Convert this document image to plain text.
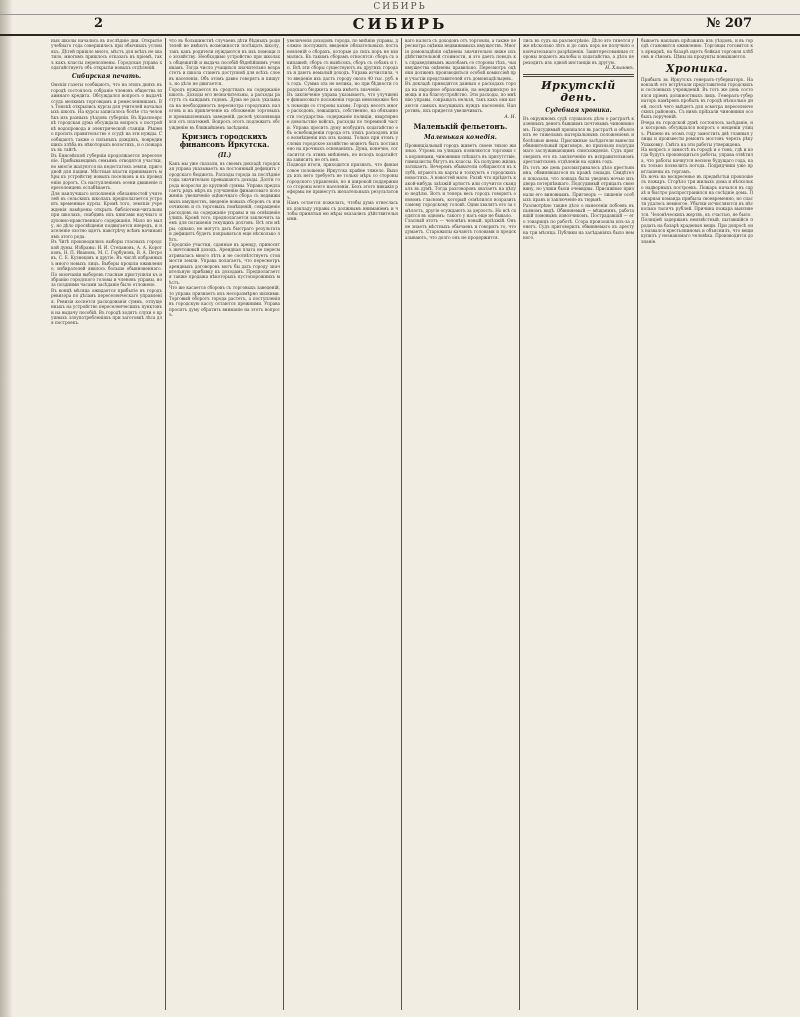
СИБИРЬ
2	СИБИРЬ	№ 207
ныя школы начались въ послѣдніе дни. Открытіе учебнаго года совершилось при обычныхъ условіяхъ. Дѣтей пришло много, мѣстъ для всѣхъ не хватило, многимъ пришлось отказать въ пріемѣ, такъ какъ классы переполнены. Городская управа ходатайствуетъ объ открытіи новыхъ отдѣленій.
Сибирская печать.
Омскія газеты сообщаютъ, что на этихъ дняхъ въ городѣ состоялось собраніе членовъ общества взаимнаго кредита. Обсуждался вопросъ о выдачѣ ссудъ мелкимъ торговцамъ и ремесленникамъ. Въ Томскѣ открылись курсы для учителей начальныхъ школъ. На курсы записалось болѣе ста человѣкъ изъ разныхъ уѣздовъ губерніи. Въ Красноярскѣ городская дума обсуждала вопросъ о постройкѣ водопровода и электрической станціи. Рѣшено просить правительство о ссудѣ на эти нужды. Сообщаютъ также о сильныхъ дождяхъ, повредившихъ хлѣба въ нѣкоторыхъ волостяхъ, и о пожарахъ въ тайгѣ.
Въ Енисейской губерніи продолжается переселеніе. Прибывающимъ семьямъ отводятся участки, но многіе жалуются на недостатокъ земли, пригодной для пашни. Мѣстныя власти принимаютъ мѣры къ устройству новыхъ поселковъ и къ проведенію дорогъ. Съ наступленіемъ осени движеніе переселенцевъ ослабѣваетъ.
Для наилучшаго исполненія обязанностей учителей въ сельскихъ школахъ предполагается устроить временные курсы. Кромѣ того, земскія учрежденія намѣрены открыть библіотеки-читальни при школахъ, снабдивъ ихъ книгами научнаго и духовно-нравственнаго содержанія. Мало по малу, но дѣло просвѣщенія подвигается впередъ, и населеніе охотно идетъ навстрѣчу всѣмъ начинаніямъ этого рода.
Въ Читѣ производились выборы гласныхъ городской думы. Избраны: И. И. Степановъ, А. А. Коротковъ, Н. П. Ивановъ, М. С. Горбуновъ, В. А. Петровъ, С. Е. Кузнецовъ и другіе. Въ числѣ избранныхъ много новыхъ лицъ. Выборы прошли оживленно, избирателей явилось больше обыкновеннаго. По окончаніи выборовъ гласные приступили къ избранію городского головы и членовъ управы, но за поздними часами засѣданіе было отложено.
Въ концѣ мѣсяца ожидается прибытіе въ городъ ревизора по дѣламъ переселенческаго управленія. Ревизія коснется расходованія суммъ, отпущенныхъ на устройство переселенческихъ пунктовъ и на выдачу пособій. Въ городѣ ходятъ слухи о крупныхъ злоупотребленіяхъ при заготовкѣ лѣса для построекъ.
что въ большинствѣ случаевъ дѣти бѣдныхъ родителей не имѣютъ возможности посѣщать школу, такъ какъ родители нуждаются въ ихъ помощи по хозяйству. Необходимо устройство при школахъ общежитій и выдача пособій бѣднѣйшимъ ученикамъ. Тогда число учащихся значительно возрастетъ и школа станетъ доступной для всѣхъ слоевъ населенія. Объ этомъ давно говорятъ и пишутъ, но дѣло не двигается.
Городъ нуждается въ средствахъ на содержаніе школъ. Доходы его незначительны, а расходы растутъ съ каждымъ годомъ. Дума не разъ указывала на необходимость пересмотра городскихъ налоговъ и на привлеченіе къ обложенію торговыхъ и промышленныхъ заведеній, доселѣ уклоняющихся отъ платежей. Вопросъ этотъ подлежитъ обсужденію въ ближайшемъ засѣданіи.
Кризисъ городскихъ финансовъ Иркутска.
(II.)
Какъ мы уже сказали, въ своемъ докладѣ городская управа указываетъ на постоянный дефицитъ городскаго бюджета. Расходы города за послѣдніе годы значительно превышаютъ доходы. Долги города возросли до крупной суммы. Управа предлагаетъ рядъ мѣръ къ улучшенію финансоваго положенія: увеличеніе оцѣночнаго сбора съ недвижимыхъ имуществъ, введеніе новыхъ сборовъ съ извозчиковъ и съ торговыхъ помѣщеній, сокращеніе расходовъ на содержаніе управы и на освѣщеніе улицъ. Кромѣ того, предполагается заключить заемъ для погашенія текущихъ долговъ. Всѣ эти мѣры, однако, не могутъ дать быстраго результата и дефицитъ будетъ покрываться еще нѣсколько лѣтъ.
Городскіе участки, сданные въ аренду, приносятъ ничтожный доходъ. Арендная плата не пересматривалась много лѣтъ и не соотвѣтствуетъ стоимости земли. Управа полагаетъ, что пересмотръ арендныхъ договоровъ могъ бы дать городу значительную прибавку къ доходамъ. Предполагается также продажа нѣкоторыхъ пустопорожнихъ мѣстъ.
Что же касается сборовъ съ торговыхъ заведеній, то управа признаетъ ихъ несоразмѣрно низкими. Торговый оборотъ города растетъ, а поступленія въ городскую кассу остаются прежними. Управа проситъ думу обратить вниманіе на этотъ вопросъ.
увеличенія доходовъ города, по мнѣнію управы, должно послужить введеніе обязательныхъ постановленій о сборахъ, которые до сихъ поръ не взимались. Къ такимъ сборамъ относятся: сборъ съ экипажей, сборъ съ вывѣсокъ, сборъ съ собакъ и т. п. Всѣ эти сборы существуютъ въ другихъ городахъ и даютъ немалый доходъ. Управа исчислила, что введеніе ихъ дастъ городу около 40 тыс. руб. въ годъ. Сумма эта не велика, но при бѣдности городскаго бюджета и она имѣетъ значеніе.
Въ заключеніе управа указываетъ, что улучшеніе финансоваго положенія города невозможно безъ помощи со стороны казны. Городъ несетъ много расходовъ, лежащихъ, собственно, на обязанности государства: содержаніе полиціи, квартирное довольствіе войскъ, расходы по тюремной части. Управа проситъ думу возбудить ходатайство объ освобожденіи города отъ этихъ расходовъ или о возмѣщеніи ихъ изъ казны. Только при этомъ условіи городское хозяйство можетъ быть поставлено на прочныхъ основаніяхъ. Дума, конечно, согласится съ этимъ мнѣніемъ, но исходъ ходатайства зависитъ не отъ нея.
Подводя итоги, приходится признать, что финансовое положеніе Иркутска крайне тяжело. Выходъ изъ него требуетъ не только мѣръ со стороны городского управленія, но и широкой поддержки со стороны всего населенія. Безъ этого никакія реформы не принесутъ желательныхъ результатовъ.
Намъ остается пожелать, чтобы дума отнеслась къ докладу управы съ должнымъ вниманіемъ и чтобы принятыя ею мѣры оказались дѣйствительными.
ваго налога съ доходовъ отъ торговли, а также пересмотра оцѣнки недвижимыхъ имуществъ. Многія домовладѣнія оцѣнены значительно ниже ихъ дѣйствительной стоимости, и это даетъ поводъ къ справедливымъ жалобамъ со стороны тѣхъ, чьи имущества оцѣнены правильно. Пересмотръ оцѣнки долженъ производиться особой комиссіей при участіи представителей отъ домовладѣльцевъ.
Въ докладѣ приводятся данныя о расходахъ города на народное образованіе, на медицинскую помощь и на благоустройство. Эти расходы, по мнѣнію управы, сокращать нельзя, такъ какъ они касаются самыхъ насущныхъ нуждъ населенія. Напротивъ, ихъ придется увеличивать.
А. Н.
Маленькій фельетонъ.
Маленькая комедія.
Провинціальный городъ живетъ своею тихою жизнью. Утромъ на улицахъ появляются торговки съ корзинами, чиновники спѣшатъ въ присутствіе, гимназисты бѣгутъ въ классы. Къ полудню жизнь затихаетъ. Вечеромъ обыватели собираются въ клубѣ, играютъ въ карты и толкуютъ о городскихъ новостяхъ. А новостей мало. Развѣ что пріѣдетъ какой-нибудь заѣзжій артистъ или случится скандалъ въ думѣ. Тогда разговоровъ хватаетъ на цѣлую недѣлю. Вотъ и теперь весь городъ говоритъ о новомъ гласномъ, который осмѣлился возразить самому городскому головѣ. Одни хвалятъ его за смѣлость, другіе осуждаютъ за дерзость. Но всѣ сходятся въ одномъ: такого у насъ еще не бывало.
Гласный этотъ — человѣкъ новый, пріѣзжій. Онъ не знаетъ мѣстныхъ обычаевъ и говоритъ то, что думаетъ. Старожилы качаютъ головами и предсказываютъ, что долго онъ не продержится.
лись въ судъ на разсмотрѣніе. Дѣло это тянется уже нѣсколько лѣтъ и до сихъ поръ не получило окончательнаго разрѣшенія. Заинтересованныя стороны подаютъ жалобы и ходатайства, а дѣло переходитъ изъ одной инстанціи въ другую.
Н. Хлызовъ.
Иркутскій день.
Судебная хроника.
Въ окружномъ судѣ слушалось дѣло о растратѣ казенныхъ денегъ бывшимъ почтовымъ чиновникомъ. Подсудимый признался въ растратѣ и объяснилъ ее тяжелымъ матеріальнымъ положеніемъ и болѣзнью жены. Присяжные засѣдатели вынесли обвинительный приговоръ, но признали подсудимаго заслуживающимъ снисхожденія. Судъ приговорилъ его къ заключенію въ исправительномъ арестантскомъ отдѣленіи на одинъ годъ.
Въ тотъ же день разсматривалось дѣло крестьянина, обвинявшагося въ кражѣ лошади. Свидѣтели показали, что лошадь была уведена ночью изъ двора потерпѣвшаго. Подсудимый отрицалъ свою вину, но улики были очевидны. Присяжные признали его виновнымъ. Приговоръ — лишеніе особыхъ правъ и заключеніе въ тюрьмѣ.
Разсмотрѣно также дѣло о нанесеніи побоевъ въ пьяномъ видѣ. Обвиняемый — мѣщанинъ, работавшій ломовымъ извозчикомъ. Пострадавшій — его товарищъ по работѣ. Ссора произошла изъ-за денегъ. Судъ приговорилъ обвиняемаго къ аресту на три мѣсяца. Публики на засѣданіяхъ было немного.
бываетъ наплывъ пріѣзжихъ изъ уѣздовъ, и въ городѣ становится оживленно. Торговцы готовятся къ ярмаркѣ, на базарѣ идетъ бойкая торговля хлѣбомъ и сѣномъ. Цѣны на продукты повышаются.
Хроника.
Прибылъ въ Иркутскъ генералъ-губернаторъ. На вокзалѣ его встрѣчали представители городскихъ и сословныхъ учрежденій. Въ тотъ же день состоялся пріемъ должностныхъ лицъ. Генералъ-губернаторъ намѣренъ пробыть въ городѣ нѣсколько дней, послѣ чего выѣдетъ для осмотра переселенческихъ районовъ. Съ нимъ пріѣхали чиновники особыхъ порученій.
Вчера въ городской думѣ состоялось засѣданіе, на которомъ обсуждался вопросъ о мощеніи улицъ. Рѣшено въ этомъ году замостить двѣ главныя улицы и произвести ремонтъ мостовъ черезъ рѣку Ушаковку. Смѣта на эти работы утверждена.
На вопросъ о замостѣ въ городѣ и о томъ, гдѣ и когда будутъ производиться работы, управа отвѣтила, что работы начнутся весною будущаго года, какъ только позволитъ погода. Подрядчики уже приглашены къ торгамъ.
Въ ночь на воскресенье въ предмѣстьи произошелъ пожаръ. Сгорѣло три жилыхъ дома и нѣсколько надворныхъ построекъ. Пожаръ начался въ сараѣ и быстро распространился на сосѣдніе дома. Пожарная команда прибыла своевременно, но спасти удалось немногое. Убытки исчисляются въ нѣсколько тысячъ рублей. Причина пожара выясняется. Человѣческихъ жертвъ, къ счастью, не было.
Полиціей задержанъ неизвѣстный, пытавшійся продать на базарѣ краденыя вещи. При допросѣ онъ назвался крестьяниномъ и объяснилъ, что вещи купилъ у незнакомаго человѣка. Производится дознаніе.
